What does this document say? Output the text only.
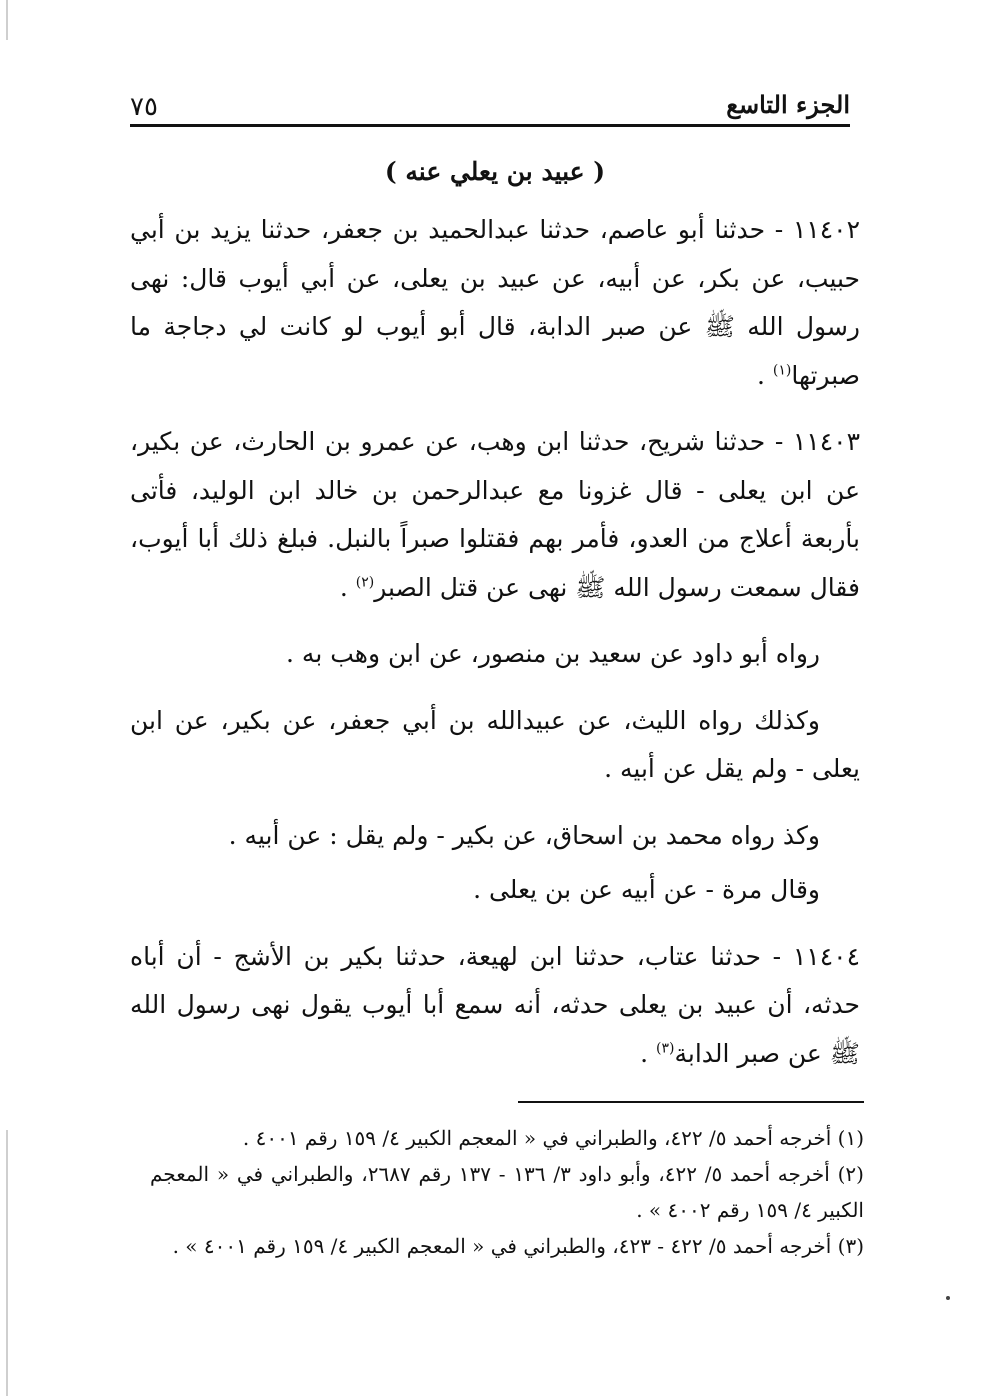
الجزء التاسع
٧٥
( عبيد بن يعلي عنه )

١١٤٠٢ - حدثنا أبو عاصم، حدثنا عبدالحميد بن جعفر، حدثنا يزيد بن أبي حبيب، عن بكر، عن أبيه، عن عبيد بن يعلى، عن أبي أيوب قال: نهى رسول الله ﷺ عن صبر الدابة، قال أبو أيوب لو كانت لي دجاجة ما صبرتها$^{(١)}$ .

١١٤٠٣ - حدثنا شريح، حدثنا ابن وهب، عن عمرو بن الحارث، عن بكير، عن ابن يعلى - قال غزونا مع عبدالرحمن بن خالد ابن الوليد، فأتى بأربعة أعلاج من العدو، فأمر بهم فقتلوا صبراً بالنبل. فبلغ ذلك أبا أيوب، فقال سمعت رسول الله ﷺ نهى عن قتل الصبر$^{(٢)}$ .

رواه أبو داود عن سعيد بن منصور، عن ابن وهب به .

وكذلك رواه الليث، عن عبيدالله بن أبي جعفر، عن بكير، عن ابن يعلى - ولم يقل عن أبيه .

وكذ رواه محمد بن اسحاق، عن بكير - ولم يقل : عن أبيه .

وقال مرة - عن أبيه عن بن يعلى .

١١٤٠٤ - حدثنا عتاب، حدثنا ابن لهيعة، حدثنا بكير بن الأشج - أن أباه حدثه، أن عبيد بن يعلى حدثه، أنه سمع أبا أيوب يقول نهى رسول الله ﷺ عن صبر الدابة$^{(٣)}$ .

(١) أخرجه أحمد ٥/ ٤٢٢، والطبراني في « المعجم الكبير ٤/ ١٥٩ رقم ٤٠٠١ .

(٢) أخرجه أحمد ٥/ ٤٢٢، وأبو داود ٣/ ١٣٦ - ١٣٧ رقم ٢٦٨٧، والطبراني في « المعجم الكبير ٤/ ١٥٩ رقم ٤٠٠٢ » .

(٣) أخرجه أحمد ٥/ ٤٢٢ - ٤٢٣، والطبراني في « المعجم الكبير ٤/ ١٥٩ رقم ٤٠٠١ » .
